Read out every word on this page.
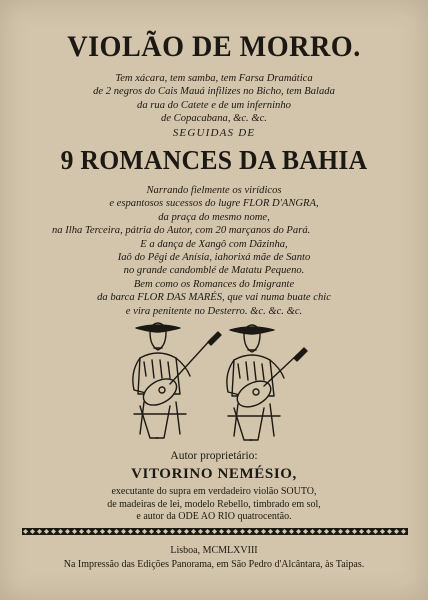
VIOLÃO DE MORRO.
Tem xácara, tem samba, tem Farsa Dramática
de 2 negros do Cais Mauá infilizes no Bicho, tem Balada
da rua do Catete e de um inferninho
de Copacabana, &c. &c.
SEGUIDAS DE
9 ROMANCES DA BAHIA
Narrando fielmente os virídicos
e espantosos sucessos do lugre FLOR D'ANGRA,
da praça do mesmo nome,
na Ilha Terceira, pátria do Autor, com 20 marçanos do Pará.
E a dança de Xangô com Dãzinha,
Iaô do Pêgi de Anísia, iahorixá mãe de Santo
no grande candomblé de Matatu Pequeno.
Bem como os Romances do Imigrante
da barca FLOR DAS MARÉS, que vai numa buate chic
e vira penitente no Desterro. &c. &c. &c.
Autor proprietário:
VITORINO NEMÉSIO,
executante do supra em verdadeiro violão SOUTO,
de madeiras de lei, modelo Rebello, timbrado em sol,
e autor da ODE AO RIO quatrocentão.
Lisboa, MCMLXVIII
Na Impressão das Edições Panorama, em São Pedro d'Alcântara, às Taipas.
